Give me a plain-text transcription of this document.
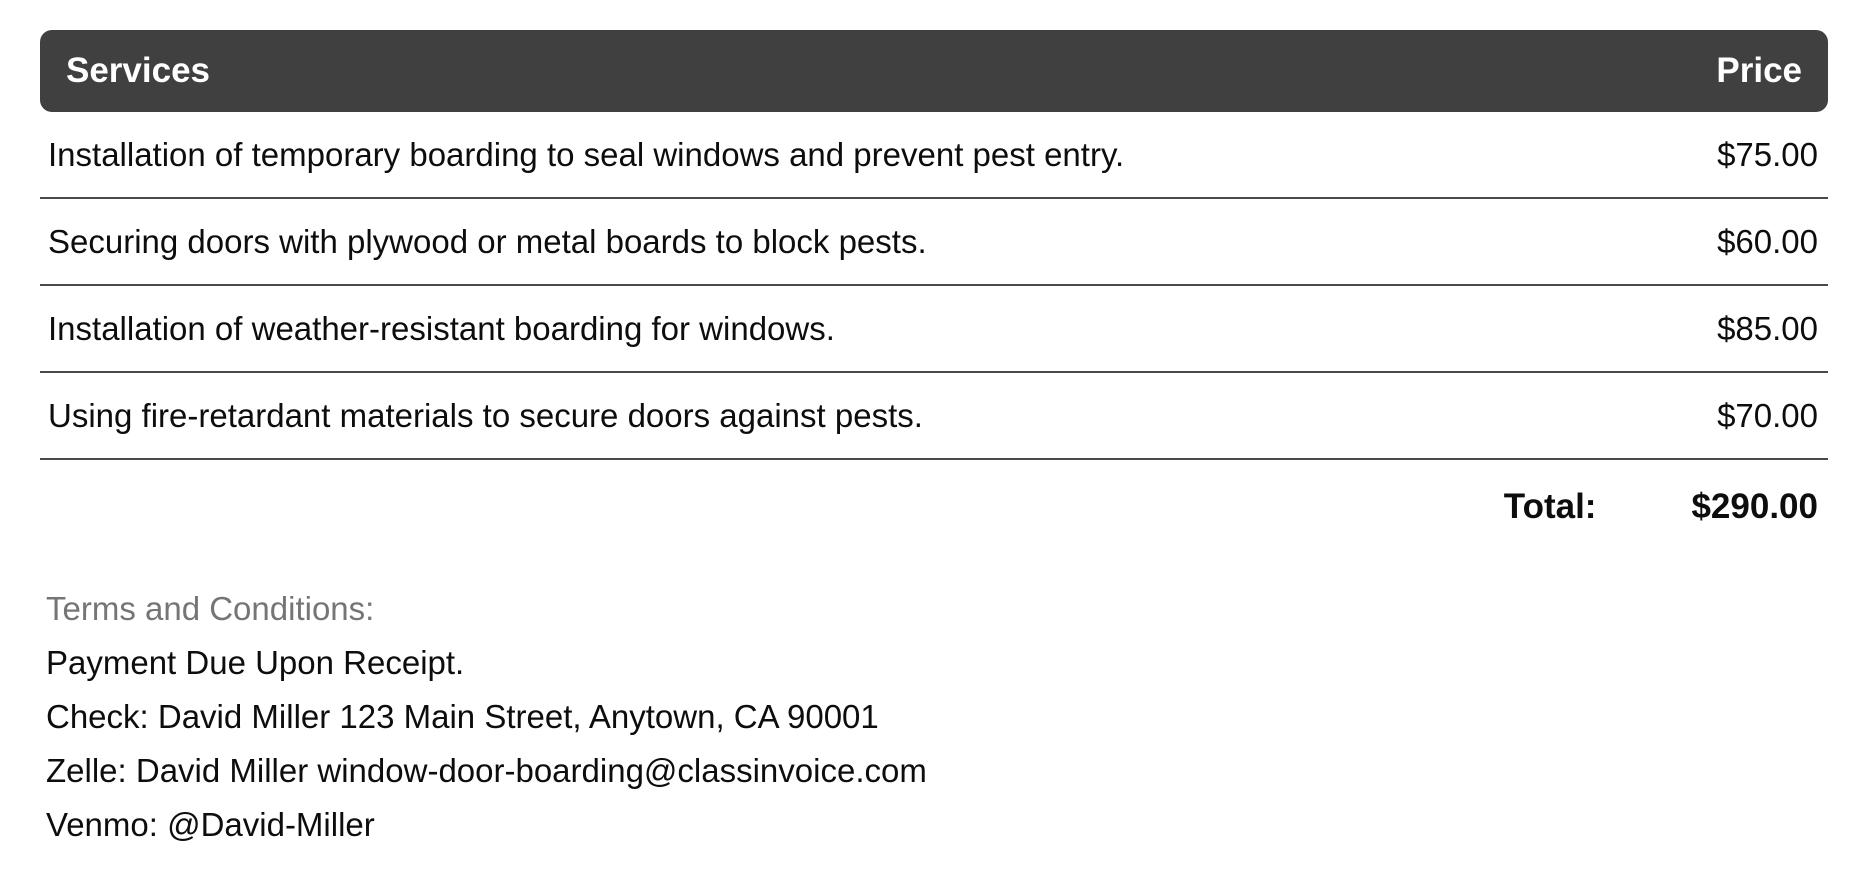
Services	Price
Installation of temporary boarding to seal windows and prevent pest entry.	$75.00
Securing doors with plywood or metal boards to block pests.	$60.00
Installation of weather-resistant boarding for windows.	$85.00
Using fire-retardant materials to secure doors against pests.	$70.00
Total:	$290.00
Terms and Conditions:
Payment Due Upon Receipt.
Check: David Miller 123 Main Street, Anytown, CA 90001
Zelle: David Miller window-door-boarding@classinvoice.com
Venmo: @David-Miller
